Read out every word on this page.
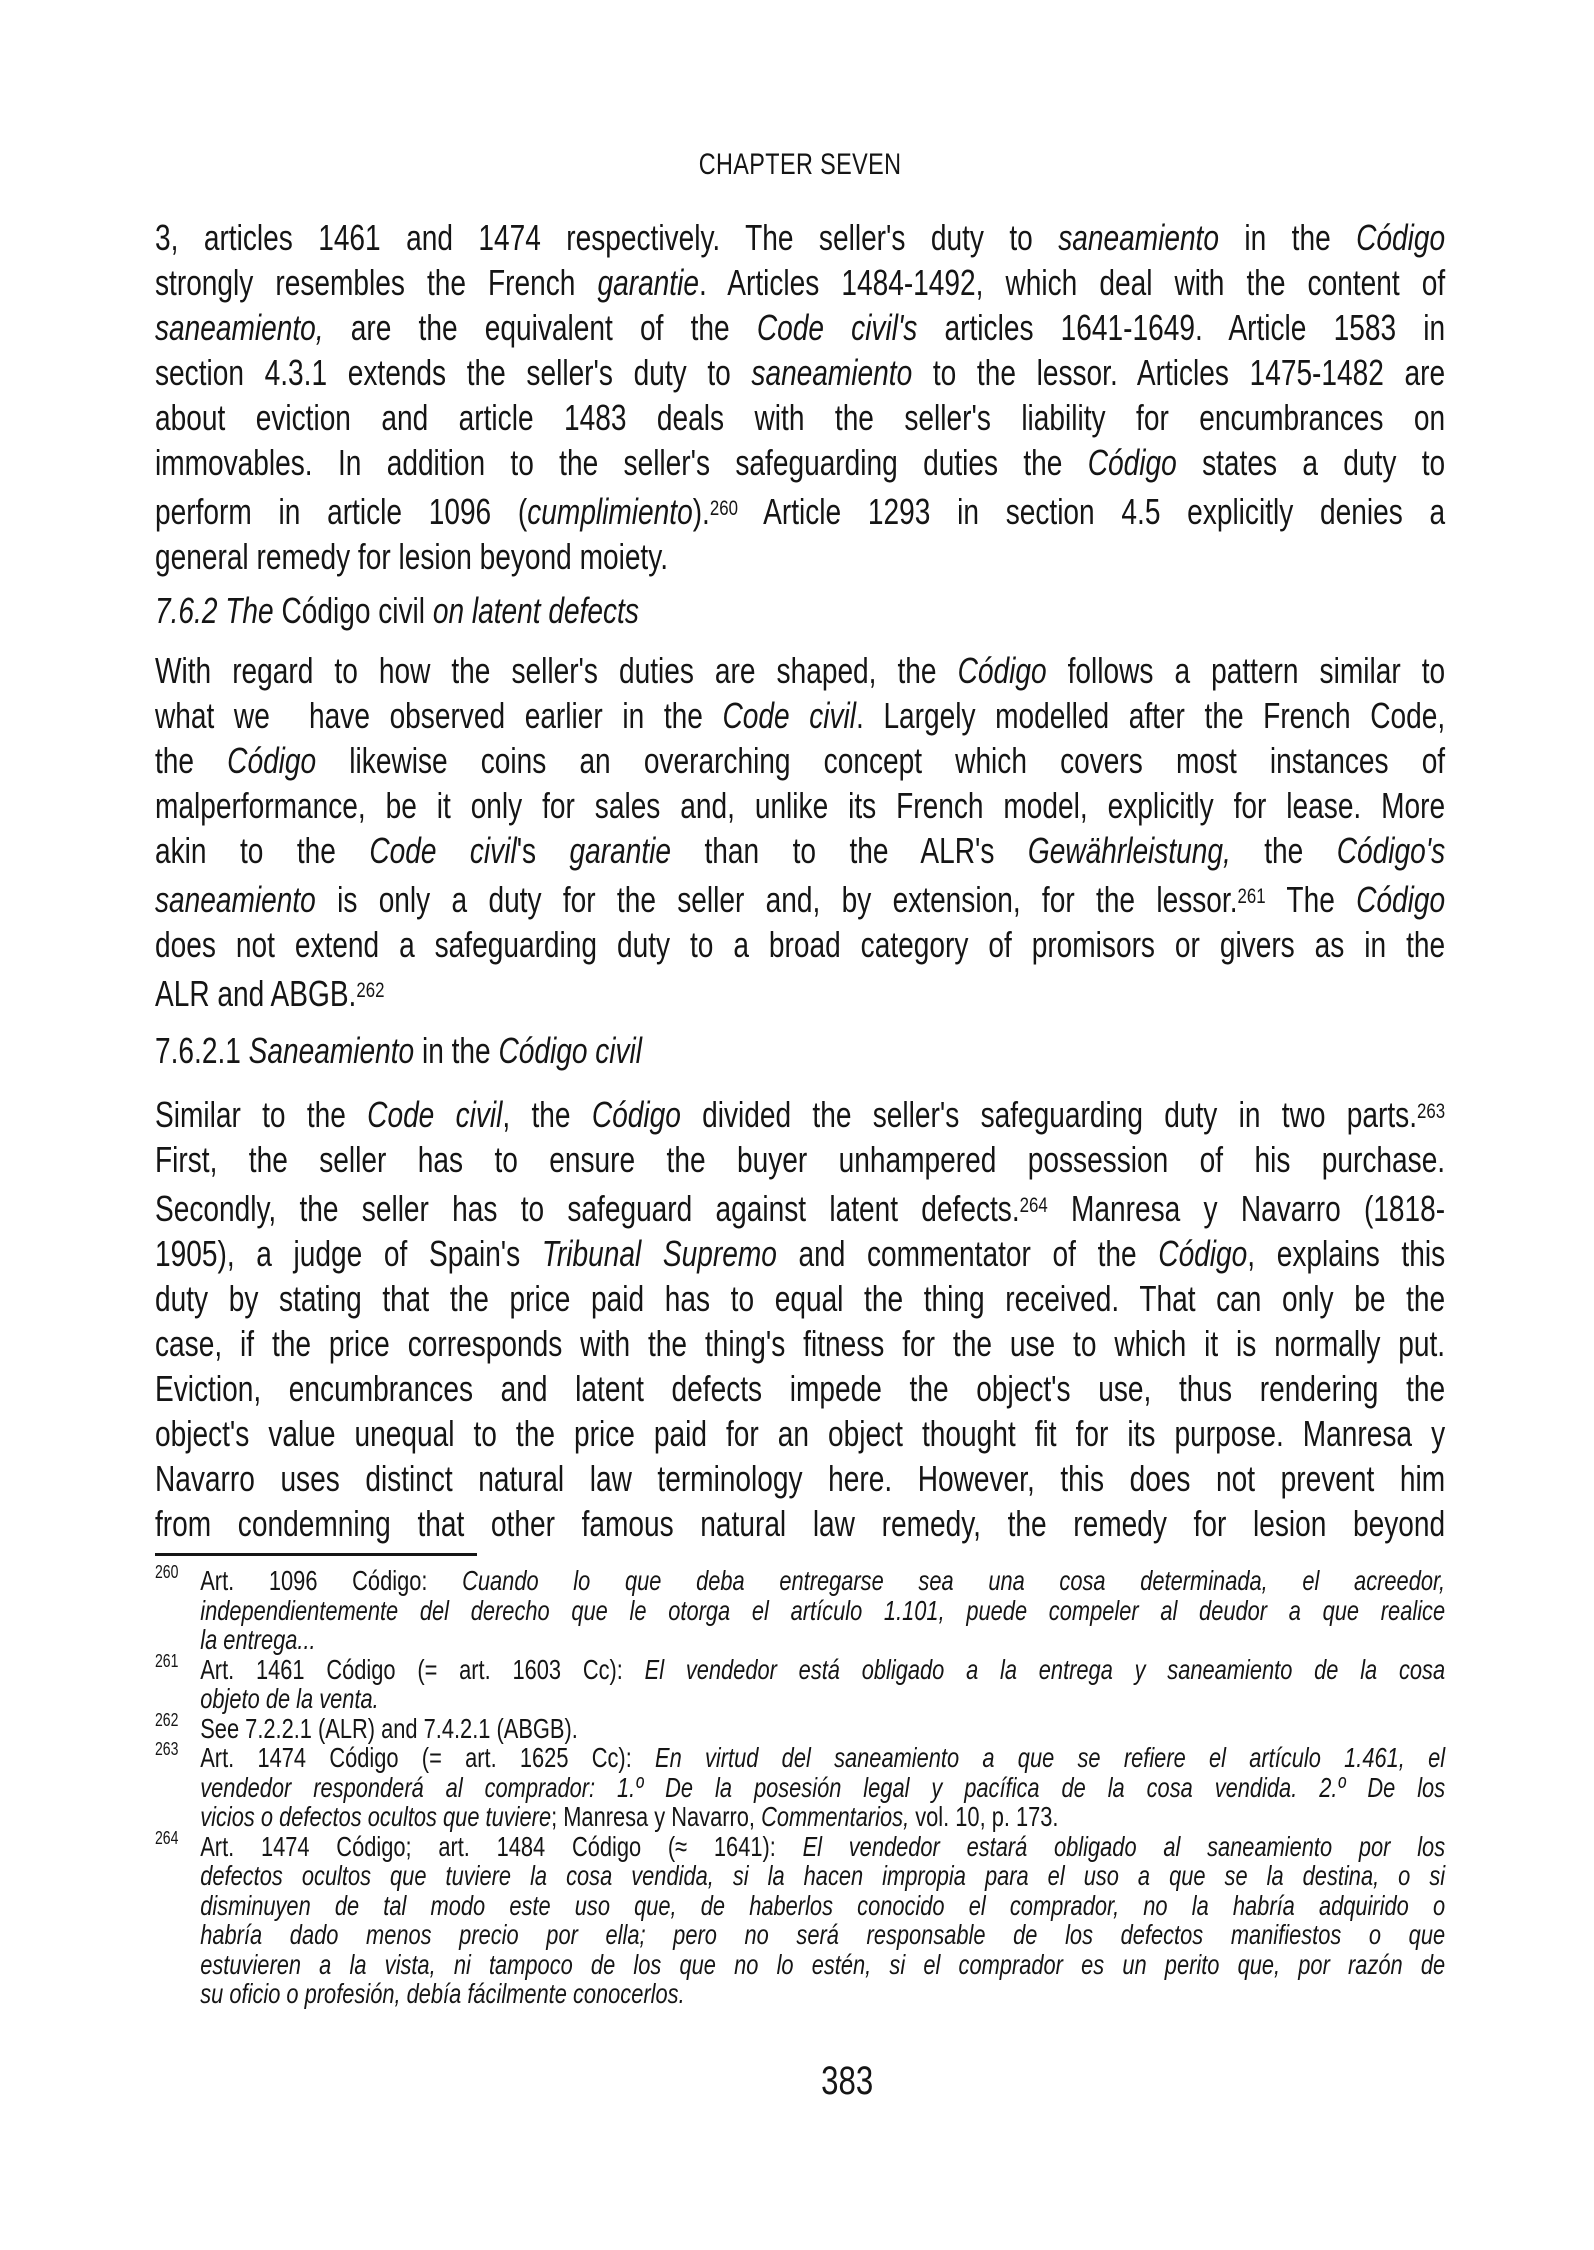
CHAPTER SEVEN
3, articles 1461 and 1474 respectively. The seller's duty to saneamiento in the Código
strongly resembles the French garantie. Articles 1484-1492, which deal with the content of
saneamiento, are the equivalent of the Code civil's articles 1641-1649. Article 1583 in
section 4.3.1 extends the seller's duty to saneamiento to the lessor. Articles 1475-1482 are
about eviction and article 1483 deals with the seller's liability for encumbrances on
immovables. In addition to the seller's safeguarding duties the Código states a duty to
perform in article 1096 (cumplimiento).$^{260}$ Article 1293 in section 4.5 explicitly denies a
general remedy for lesion beyond moiety.
7.6.2 The Código civil on latent defects
With regard to how the seller's duties are shaped, the Código follows a pattern similar to
what we  have observed earlier in the Code civil. Largely modelled after the French Code,
the Código likewise coins an overarching concept which covers most instances of
malperformance, be it only for sales and, unlike its French model, explicitly for lease. More
akin to the Code civil's garantie than to the ALR's Gewährleistung, the Código's
saneamiento is only a duty for the seller and, by extension, for the lessor.$^{261}$ The Código
does not extend a safeguarding duty to a broad category of promisors or givers as in the
ALR and ABGB.$^{262}$
7.6.2.1 Saneamiento in the Código civil
Similar to the Code civil, the Código divided the seller's safeguarding duty in two parts.$^{263}$
First, the seller has to ensure the buyer unhampered possession of his purchase.
Secondly, the seller has to safeguard against latent defects.$^{264}$ Manresa y Navarro (1818-
1905), a judge of Spain's Tribunal Supremo and commentator of the Código, explains this
duty by stating that the price paid has to equal the thing received. That can only be the
case, if the price corresponds with the thing's fitness for the use to which it is normally put.
Eviction, encumbrances and latent defects impede the object's use, thus rendering the
object's value unequal to the price paid for an object thought fit for its purpose. Manresa y
Navarro uses distinct natural law terminology here. However, this does not prevent him
from condemning that other famous natural law remedy, the remedy for lesion beyond
260 Art. 1096 Código: Cuando lo que deba entregarse sea una cosa determinada, el acreedor,
independientemente del derecho que le otorga el artículo 1.101, puede compeler al deudor a que realice
la entrega...
261 Art. 1461 Código (= art. 1603 Cc): El vendedor está obligado a la entrega y saneamiento de la cosa
objeto de la venta.
262 See 7.2.2.1 (ALR) and 7.4.2.1 (ABGB).
263 Art. 1474 Código (= art. 1625 Cc): En virtud del saneamiento a que se refiere el artículo 1.461, el
vendedor responderá al comprador: 1.º De la posesión legal y pacífica de la cosa vendida. 2.º De los
vicios o defectos ocultos que tuviere; Manresa y Navarro, Commentarios, vol. 10, p. 173.
264 Art. 1474 Código; art. 1484 Código (≈ 1641): El vendedor estará obligado al saneamiento por los
defectos ocultos que tuviere la cosa vendida, si la hacen impropia para el uso a que se la destina, o si
disminuyen de tal modo este uso que, de haberlos conocido el comprador, no la habría adquirido o
habría dado menos precio por ella; pero no será responsable de los defectos manifiestos o que
estuvieren a la vista, ni tampoco de los que no lo estén, si el comprador es un perito que, por razón de
su oficio o profesión, debía fácilmente conocerlos.
383
